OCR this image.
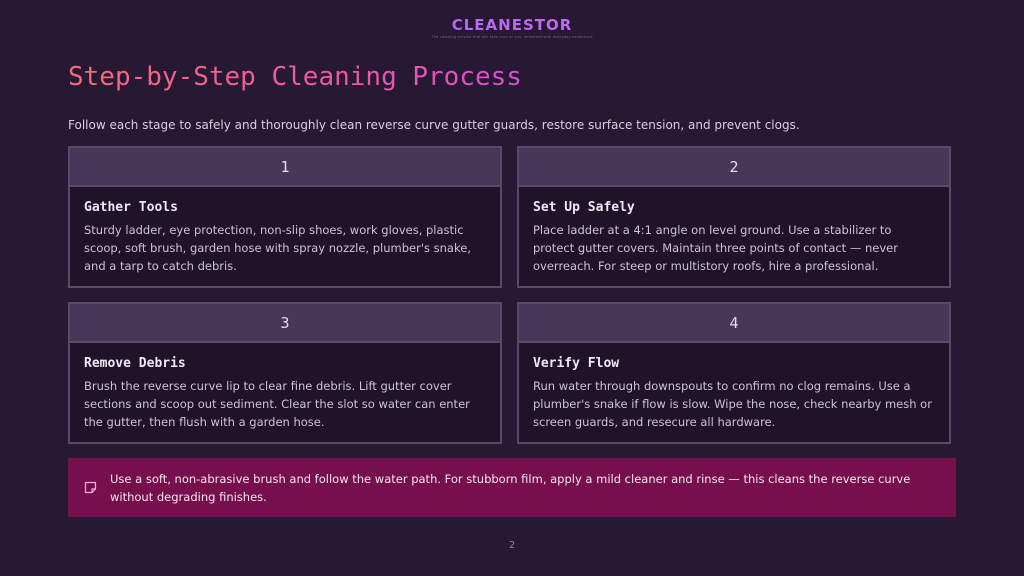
CLEANESTOR
The cleaning service that will take care of you, delivered with everyday excellence
Step-by-Step Cleaning Process
Follow each stage to safely and thoroughly clean reverse curve gutter guards, restore surface tension, and prevent clogs.
1
Gather Tools
Sturdy ladder, eye protection, non-slip shoes, work gloves, plastic scoop, soft brush, garden hose with spray nozzle, plumber's snake, and a tarp to catch debris.
2
Set Up Safely
Place ladder at a 4:1 angle on level ground. Use a stabilizer to protect gutter covers. Maintain three points of contact — never overreach. For steep or multistory roofs, hire a professional.
3
Remove Debris
Brush the reverse curve lip to clear fine debris. Lift gutter cover sections and scoop out sediment. Clear the slot so water can enter the gutter, then flush with a garden hose.
4
Verify Flow
Run water through downspouts to confirm no clog remains. Use a plumber's snake if flow is slow. Wipe the nose, check nearby mesh or screen guards, and resecure all hardware.
Use a soft, non-abrasive brush and follow the water path. For stubborn film, apply a mild cleaner and rinse — this cleans the reverse curve without degrading finishes.
2
